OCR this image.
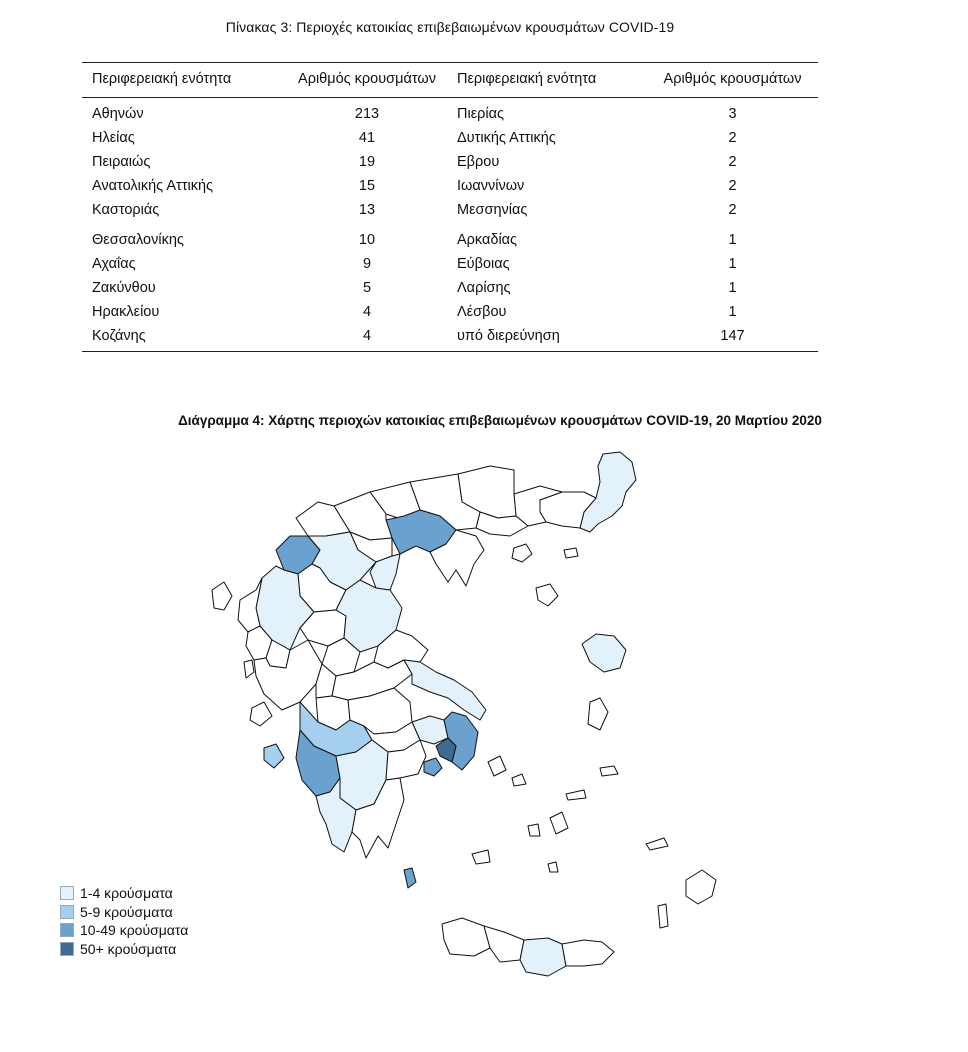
Πίνακας 3: Περιοχές κατοικίας επιβεβαιωμένων κρουσμάτων COVID-19
Περιφερειακή ενότητα	Αριθμός κρουσμάτων	Περιφερειακή ενότητα	Αριθμός κρουσμάτων
Αθηνών	213	Πιερίας	3
Ηλείας	41	Δυτικής Αττικής	2
Πειραιώς	19	Εβρου	2
Ανατολικής Αττικής	15	Ιωαννίνων	2
Καστοριάς	13	Μεσσηνίας	2
Θεσσαλονίκης	10	Αρκαδίας	1
Αχαΐας	9	Εύβοιας	1
Ζακύνθου	5	Λαρίσης	1
Ηρακλείου	4	Λέσβου	1
Κοζάνης	4	υπό διερεύνηση	147
Διάγραμμα 4: Χάρτης περιοχών κατοικίας επιβεβαιωμένων κρουσμάτων COVID-19, 20 Μαρτίου 2020
1-4 κρούσματα
5-9 κρούσματα
10-49 κρούσματα
50+ κρούσματα
